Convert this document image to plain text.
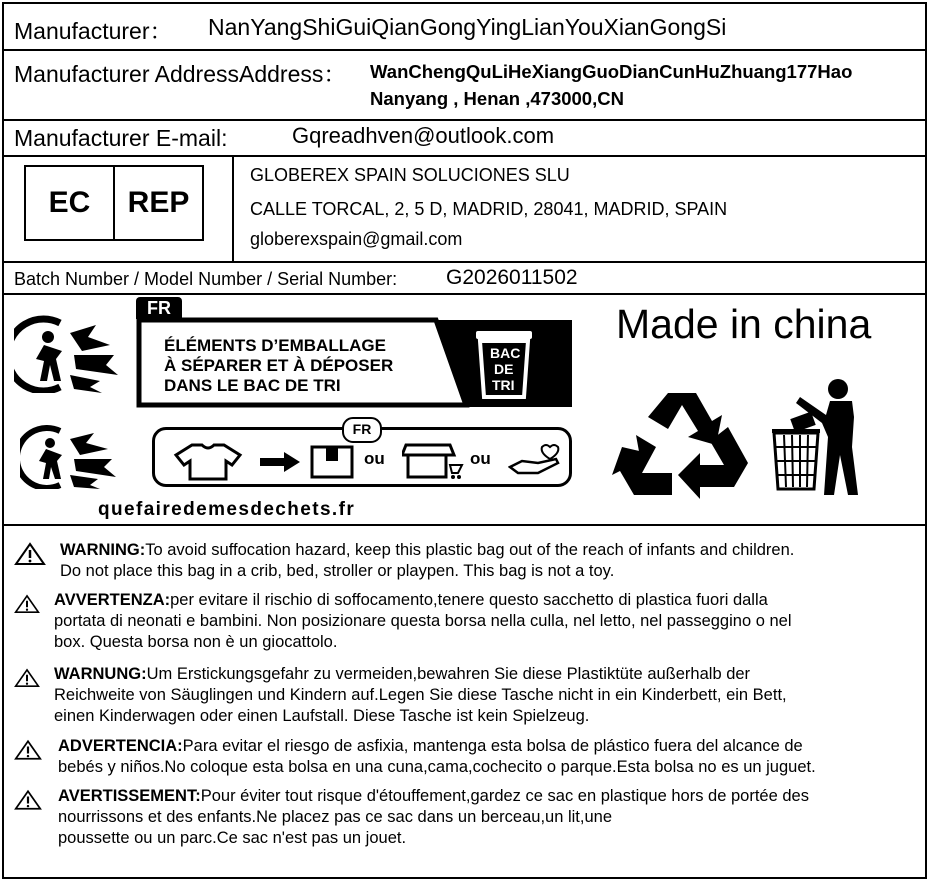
Manufacturer： NanYangShiGuiQianGongYingLianYouXianGongSi
Manufacturer AddressAddress： WanChengQuLiHeXiangGuoDianCunHuZhuang177Hao
Nanyang , Henan ,473000,CN
Manufacturer E-mail:	Gqreadhven@outlook.com
EC	REP
GLOBEREX SPAIN SOLUCIONES SLU
CALLE TORCAL, 2, 5 D, MADRID, 28041, MADRID, SPAIN
globerexspain@gmail.com
Batch Number / Model Number / Serial Number: G2026011502
FR
ÉLÉMENTS D’EMBALLAGE
À SÉPARER ET À DÉPOSER
DANS LE BAC DE TRI
BAC
DE
TRI
FR
ou	ou
quefairedemesdechets.fr
Made in china
WARNING:To avoid suffocation hazard, keep this plastic bag out of the reach of infants and children.
Do not place this bag in a crib, bed, stroller or playpen. This bag is not a toy.
AVVERTENZA:per evitare il rischio di soffocamento,tenere questo sacchetto di plastica fuori dalla
portata di neonati e bambini. Non posizionare questa borsa nella culla, nel letto, nel passeggino o nel
box. Questa borsa non è un giocattolo.
WARNUNG:Um Erstickungsgefahr zu vermeiden,bewahren Sie diese Plastiktüte außerhalb der
Reichweite von Säuglingen und Kindern auf.Legen Sie diese Tasche nicht in ein Kinderbett, ein Bett,
einen Kinderwagen oder einen Laufstall. Diese Tasche ist kein Spielzeug.
ADVERTENCIA:Para evitar el riesgo de asfixia, mantenga esta bolsa de plástico fuera del alcance de
bebés y niños.No coloque esta bolsa en una cuna,cama,cochecito o parque.Esta bolsa no es un juguet.
AVERTISSEMENT:Pour éviter tout risque d'étouffement,gardez ce sac en plastique hors de portée des
nourrissons et des enfants.Ne placez pas ce sac dans un berceau,un lit,une
poussette ou un parc.Ce sac n'est pas un jouet.
